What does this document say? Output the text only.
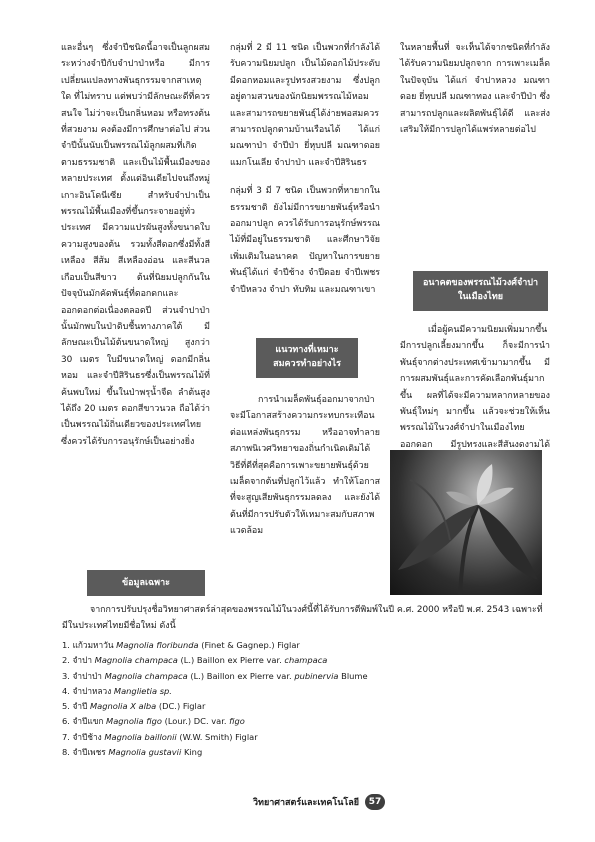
และอื่นๆ ซึ่งจำปีชนิดนี้อาจเป็นลูกผสมระหว่างจำปีกับจำปาป่าหรือ มีการเปลี่ยนแปลงทางพันธุกรรมจากสาเหตุใด ที่ไม่ทราบ แต่พบว่ามีลักษณะดีที่ควรสนใจ ไม่ว่าจะเป็นกลิ่นหอม หรือทรงต้นที่สวยงาม คงต้องมีการศึกษาต่อไป ส่วนจำปีนั้นนับเป็นพรรณไม้ลูกผสมที่เกิดตามธรรมชาติ และเป็นไม้พื้นเมืองของหลายประเทศ ตั้งแต่อินเดียไปจนถึงหมู่เกาะอินโดนีเซีย สำหรับจำปาเป็นพรรณไม้พื้นเมืองที่ขึ้นกระจายอยู่ทั่วประเทศ มีความแปรผันสูงทั้งขนาดใบ ความสูงของต้น รวมทั้งสีดอกซึ่งมีทั้งสีเหลือง สีส้ม สีเหลืองอ่อน และสีนวลเกือบเป็นสีขาว ต้นที่นิยมปลูกกันในปัจจุบันมักคัดพันธุ์ที่ดอกดกและออกดอกต่อเนื่องตลอดปี ส่วนจำปาป่านั้นมักพบในป่าดิบชื้นทางภาคใต้ มีลักษณะเป็นไม้ต้นขนาดใหญ่ สูงกว่า 30 เมตร ใบมีขนาดใหญ่ ดอกมีกลิ่นหอม และจำปีสิรินธรซึ่งเป็นพรรณไม้ที่ค้นพบใหม่ ขึ้นในป่าพรุน้ำจืด ลำต้นสูงได้ถึง 20 เมตร ดอกสีขาวนวล ถือได้ว่าเป็นพรรณไม้ถิ่นเดียวของประเทศไทย ซึ่งควรได้รับการอนุรักษ์เป็นอย่างยิ่ง

กลุ่มที่ 2 มี 11 ชนิด เป็นพวกที่กำลังได้รับความนิยมปลูก เป็นไม้ดอกไม้ประดับ มีดอกหอมและรูปทรงสวยงาม ซึ่งปลูกอยู่ตามสวนของนักนิยมพรรณไม้หอม และสามารถขยายพันธุ์ได้ง่ายพอสมควร สามารถปลูกตามบ้านเรือนได้ ได้แก่ มณฑาป่า จำปีป่า ยี่หุบปลี มณฑาดอย แมกโนเลีย จำปาป่า และจำปีสิรินธร

กลุ่มที่ 3 มี 7 ชนิด เป็นพวกที่หายากในธรรมชาติ ยังไม่มีการขยายพันธุ์หรือนำออกมาปลูก ควรได้รับการอนุรักษ์พรรณไม้ที่มีอยู่ในธรรมชาติ และศึกษาวิจัยเพิ่มเติมในอนาคต ปัญหาในการขยายพันธุ์ได้แก่ จำปีช้าง จำปีดอย จำปีเพชร จำปีหลวง จำปา ทับทิม และมณฑาเขา

แนวทางที่เหมาะสมควรทำอย่างไร

การนำเมล็ดพันธุ์ออกมาจากป่า จะมีโอกาสสร้างความกระทบกระเทือนต่อแหล่งพันธุกรรม หรืออาจทำลายสภาพนิเวศวิทยาของถิ่นกำเนิดเดิมได้ วิธีที่ดีที่สุดคือการเพาะขยายพันธุ์ด้วยเมล็ดจากต้นที่ปลูกไว้แล้ว ทำให้โอกาสที่จะสูญเสียพันธุกรรมลดลง และยังได้ต้นที่มีการปรับตัวให้เหมาะสมกับสภาพแวดล้อม

ในหลายพื้นที่ จะเห็นได้จากชนิดที่กำลังได้รับความนิยมปลูกจาก การเพาะเมล็ดในปัจจุบัน ได้แก่ จำปาหลวง มณฑาดอย ยี่หุบปลี มณฑาทอง และจำปีป่า ซึ่งสามารถปลูกและผลิตพันธุ์ได้ดี และส่งเสริมให้มีการปลูกได้แพร่หลายต่อไป

อนาคตของพรรณไม้วงศ์จำปาในเมืองไทย

เมื่อผู้คนมีความนิยมเพิ่มมากขึ้น มีการปลูกเลี้ยงมากขึ้น ก็จะมีการนำพันธุ์จากต่างประเทศเข้ามามากขึ้น มีการผสมพันธุ์และการคัดเลือกพันธุ์มากขึ้น ผลที่ได้จะมีความหลากหลายของพันธุ์ใหม่ๆ มากขึ้น แล้วจะช่วยให้เห็นพรรณไม้ในวงศ์จำปาในเมืองไทยออกดอก มีรูปทรงและสีสันงดงามได้

ข้อมูลเฉพาะ

จากการปรับปรุงชื่อวิทยาศาสตร์ล่าสุดของพรรณไม้ในวงศ์นี้ที่ได้รับการตีพิมพ์ในปี ค.ศ. 2000 หรือปี พ.ศ. 2543 เฉพาะที่มีในประเทศไทยมีชื่อใหม่ ดังนี้

1. แก้วมหาวัน Magnolia floribunda (Finet & Gagnep.) Figlar
2. จำปา Magnolia champaca (L.) Baillon ex Pierre var. champaca
3. จำปาป่า Magnolia champaca (L.) Baillon ex Pierre var. pubinervia Blume
4. จำปาหลวง Manglietia sp.
5. จำปี Magnolia X alba (DC.) Figlar
6. จำปีแขก Magnolia figo (Lour.) DC. var. figo
7. จำปีช้าง Magnolia baillonii (W.W. Smith) Figlar
8. จำปีเพชร Magnolia gustavii King
วิทยาศาสตร์และเทคโนโลยี	57
